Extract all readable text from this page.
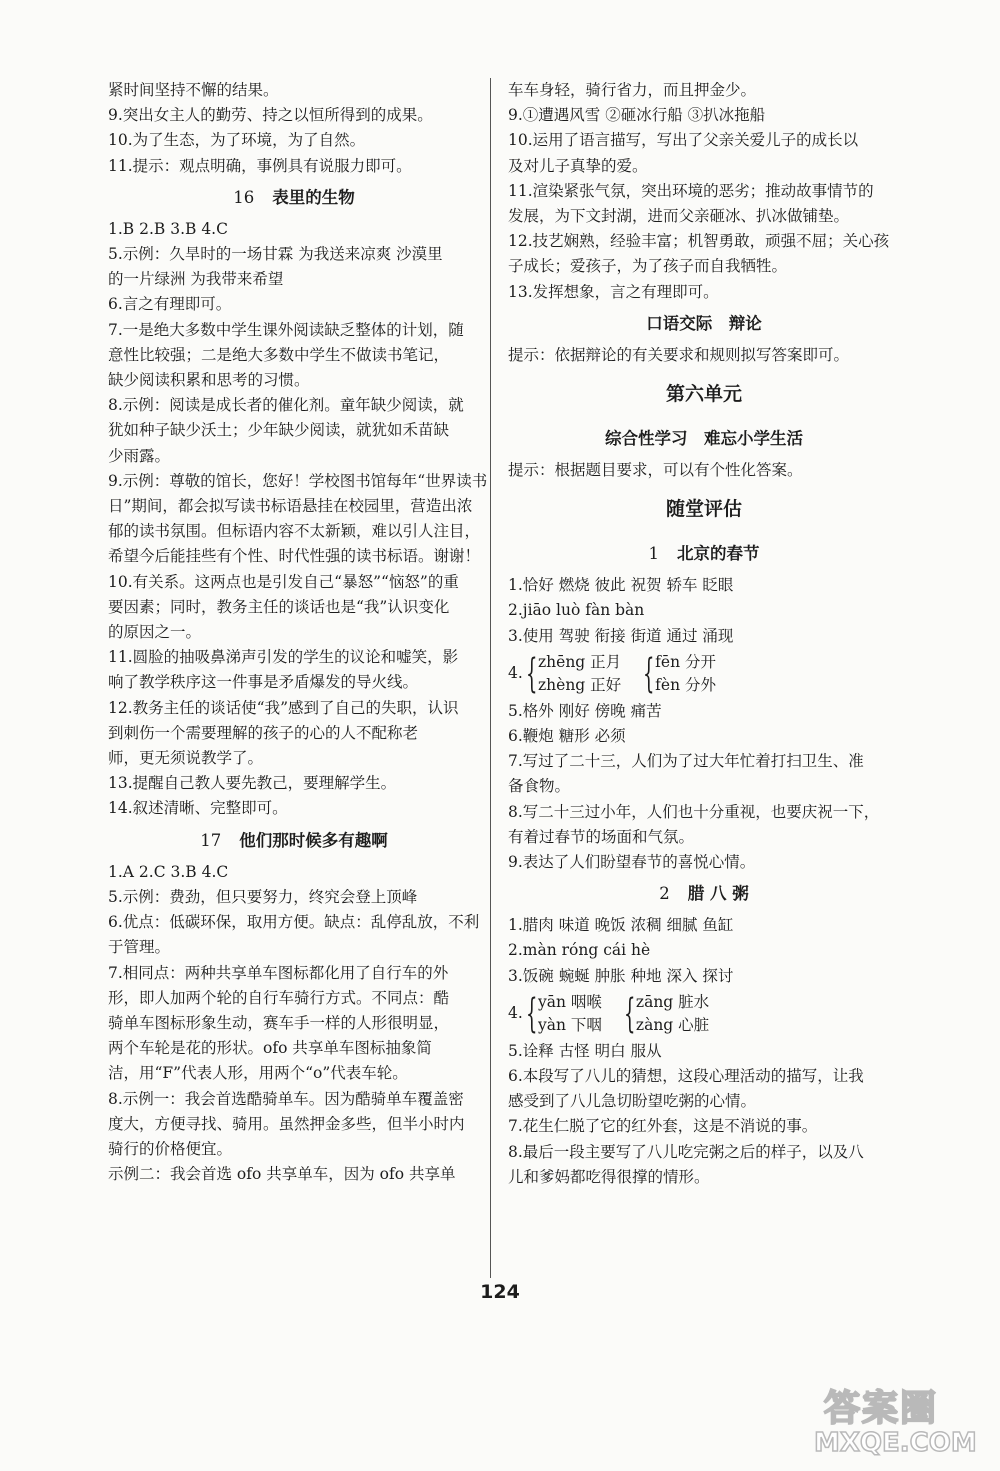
紧时间坚持不懈的结果。
9.突出女主人的勤劳、持之以恒所得到的成果。
10.为了生态，为了环境，为了自然。
11.提示：观点明确，事例具有说服力即可。
16 表里的生物
1.B 2.B 3.B 4.C
5.示例：久旱时的一场甘霖 为我送来凉爽 沙漠里
的一片绿洲 为我带来希望
6.言之有理即可。
7.一是绝大多数中学生课外阅读缺乏整体的计划，随
意性比较强；二是绝大多数中学生不做读书笔记，
缺少阅读积累和思考的习惯。
8.示例：阅读是成长者的催化剂。童年缺少阅读，就
犹如种子缺少沃土；少年缺少阅读，就犹如禾苗缺
少雨露。
9.示例：尊敬的馆长，您好！学校图书馆每年“世界读书
日”期间，都会拟写读书标语悬挂在校园里，营造出浓
郁的读书氛围。但标语内容不太新颖，难以引人注目，
希望今后能挂些有个性、时代性强的读书标语。谢谢！
10.有关系。这两点也是引发自己“暴怒”“恼怒”的重
要因素；同时，教务主任的谈话也是“我”认识变化
的原因之一。
11.圆脸的抽吸鼻涕声引发的学生的议论和嘘笑，影
响了教学秩序这一件事是矛盾爆发的导火线。
12.教务主任的谈话使“我”感到了自己的失职，认识
到刺伤一个需要理解的孩子的心的人不配称老
师，更无须说教学了。
13.提醒自己教人要先教己，要理解学生。
14.叙述清晰、完整即可。
17 他们那时候多有趣啊
1.A 2.C 3.B 4.C
5.示例：费劲，但只要努力，终究会登上顶峰
6.优点：低碳环保，取用方便。缺点：乱停乱放，不利
于管理。
7.相同点：两种共享单车图标都化用了自行车的外
形，即人加两个轮的自行车骑行方式。不同点：酷
骑单车图标形象生动，赛车手一样的人形很明显，
两个车轮是花的形状。ofo 共享单车图标抽象简
洁，用“F”代表人形，用两个“o”代表车轮。
8.示例一：我会首选酷骑单车。因为酷骑单车覆盖密
度大，方便寻找、骑用。虽然押金多些，但半小时内
骑行的价格便宜。
示例二：我会首选 ofo 共享单车，因为 ofo 共享单
车车身轻，骑行省力，而且押金少。
9.①遭遇风雪 ②砸冰行船 ③扒冰拖船
10.运用了语言描写，写出了父亲关爱儿子的成长以
及对儿子真挚的爱。
11.渲染紧张气氛，突出环境的恶劣；推动故事情节的
发展，为下文封湖，进而父亲砸冰、扒冰做铺垫。
12.技艺娴熟，经验丰富；机智勇敢，顽强不屈；关心孩
子成长；爱孩子，为了孩子而自我牺牲。
13.发挥想象，言之有理即可。
口语交际　辩论
提示：依据辩论的有关要求和规则拟写答案即可。
第六单元
综合性学习　难忘小学生活
提示：根据题目要求，可以有个性化答案。
随堂评估
1 北京的春节
1.恰好 燃烧 彼此 祝贺 轿车 眨眼
2.jiāo luò fàn bàn
3.使用 驾驶 衔接 街道 通过 涌现
4. { zhēng 正月
zhèng 正好 { fēn 分开
fèn 分外
5.格外 刚好 傍晚 痛苦
6.鞭炮 糖形 必须
7.写过了二十三，人们为了过大年忙着打扫卫生、准
备食物。
8.写二十三过小年，人们也十分重视，也要庆祝一下，
有着过春节的场面和气氛。
9.表达了人们盼望春节的喜悦心情。
2 腊 八 粥
1.腊肉 味道 晚饭 浓稠 细腻 鱼缸
2.màn róng cái hè
3.饭碗 蜿蜒 肿胀 种地 深入 探讨
4. { yān 咽喉
yàn 下咽 { zāng 脏水
zàng 心脏
5.诠释 古怪 明白 服从
6.本段写了八儿的猜想，这段心理活动的描写，让我
感受到了八儿急切盼望吃粥的心情。
7.花生仁脱了它的红外套，这是不消说的事。
8.最后一段主要写了八儿吃完粥之后的样子，以及八
儿和爹妈都吃得很撑的情形。
124
答案圈
MXQE.COM
